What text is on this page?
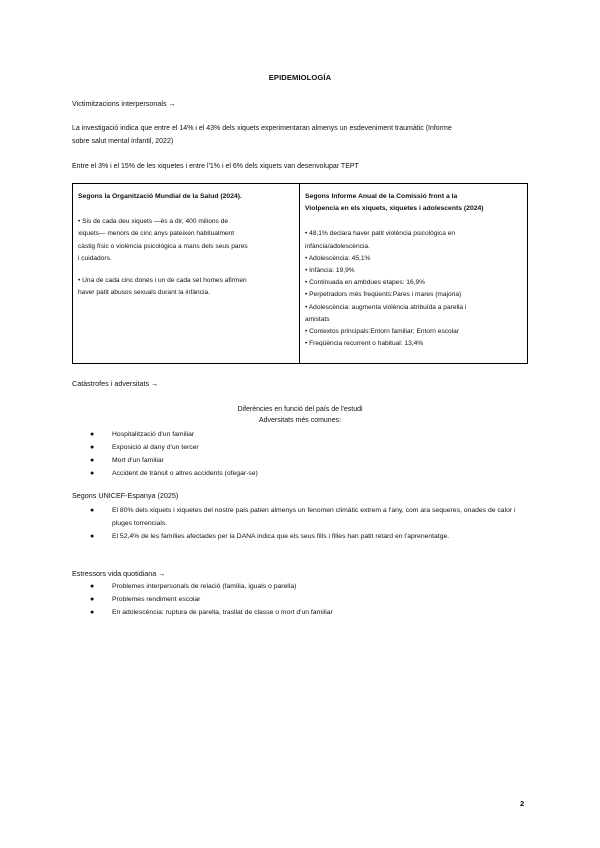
EPIDEMIOLOGÍA
Victimitzacions interpersonals →
La investigació indica que entre el 14% i el 43% dels xiquets experimentaran almenys un esdeveniment traumàtic (Informe
sobre salut mental infantil, 2022)
Entre el 3% i el 15% de les xiquetes i entre l'1% i el 6% dels xiquets van desenvolupar TEPT
Segons la Organització Mundial de la Salud (2024).
• Sis de cada deu xiquets —és a dir, 400 milions de
xiquets— menors de cinc anys pateixen habitualment
càstig físic o violència psicològica a mans dels seus pares
i cuidadors.
• Una de cada cinc dones i un de cada set homes afirmen
haver patit abusos sexuals durant la infància.
Segons Informe Anual de la Comissió front a la
Violpencia en els xiquets, xiquetes i adolescents (2024)
• 48,1% declara haver patit violència psicològica en
infància/adolescència.
• Adolescència: 45,1%
• Infància: 19,9%
• Continuada en ambdues etapes: 16,9%
• Perpetradors més freqüents:Pares i mares (majoria)
• Adolescència: augmenta violència atribuïda a parella i
amistats
• Contextos principals:Entorn familiar; Entorn escolar
• Freqüència recurrent o habitual: 13,4%
Catàstrofes i adversitats →
Diferències en funció del país de l'estudi
Adversitats més comunes:
●	Hospitalització d'un familiar
●	Exposició al dany d'un tercer
●	Mort d'un familiar
●	Accident de trànsit o altres accidents (ofegar-se)
Segons UNICEF-Espanya (2025)
●	El 80% dels xiquets i xiquetes del nostre país patien almenys un fenomen climàtic extrem a l'any, com ara sequeres, onades de calor i pluges torrencials.
●	El 52,4% de les famílies afectades per la DANA indica que els seus fills i filles han patit retard en l'aprenentatge.
Estressors vida quotidiana →
●	Problemes interpersonals de relació (família, iguals o parella)
●	Problemes rendiment escolar
●	En adolescència: ruptura de parella, trasllat de classe o mort d'un familiar
2
